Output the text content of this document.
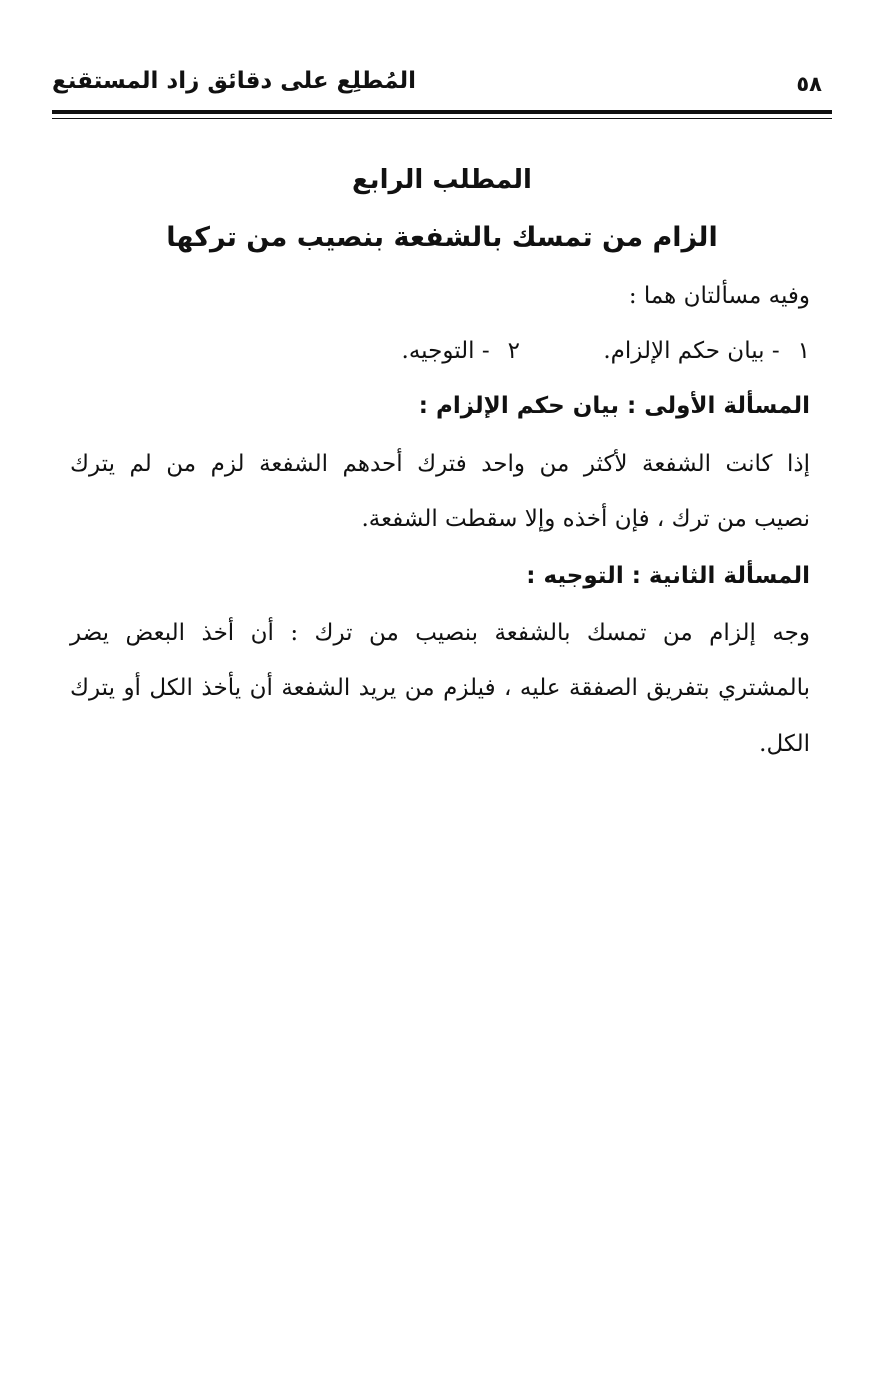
٥٨
المُطلِع على دقائق زاد المستقنع
المطلب الرابع
الزام من تمسك بالشفعة بنصيب من تركها
وفيه مسألتان هما :
١- بيان حكم الإلزام.
٢- التوجيه.
المسألة الأولى : بيان حكم الإلزام :
إذا كانت الشفعة لأكثر من واحد فترك أحدهم الشفعة لزم من لم يترك
نصيب من ترك ، فإن أخذه وإلا سقطت الشفعة.
المسألة الثانية : التوجيه :
وجه إلزام من تمسك بالشفعة بنصيب من ترك : أن أخذ البعض يضر
بالمشتري بتفريق الصفقة عليه ، فيلزم من يريد الشفعة أن يأخذ الكل أو يترك
الكل.
